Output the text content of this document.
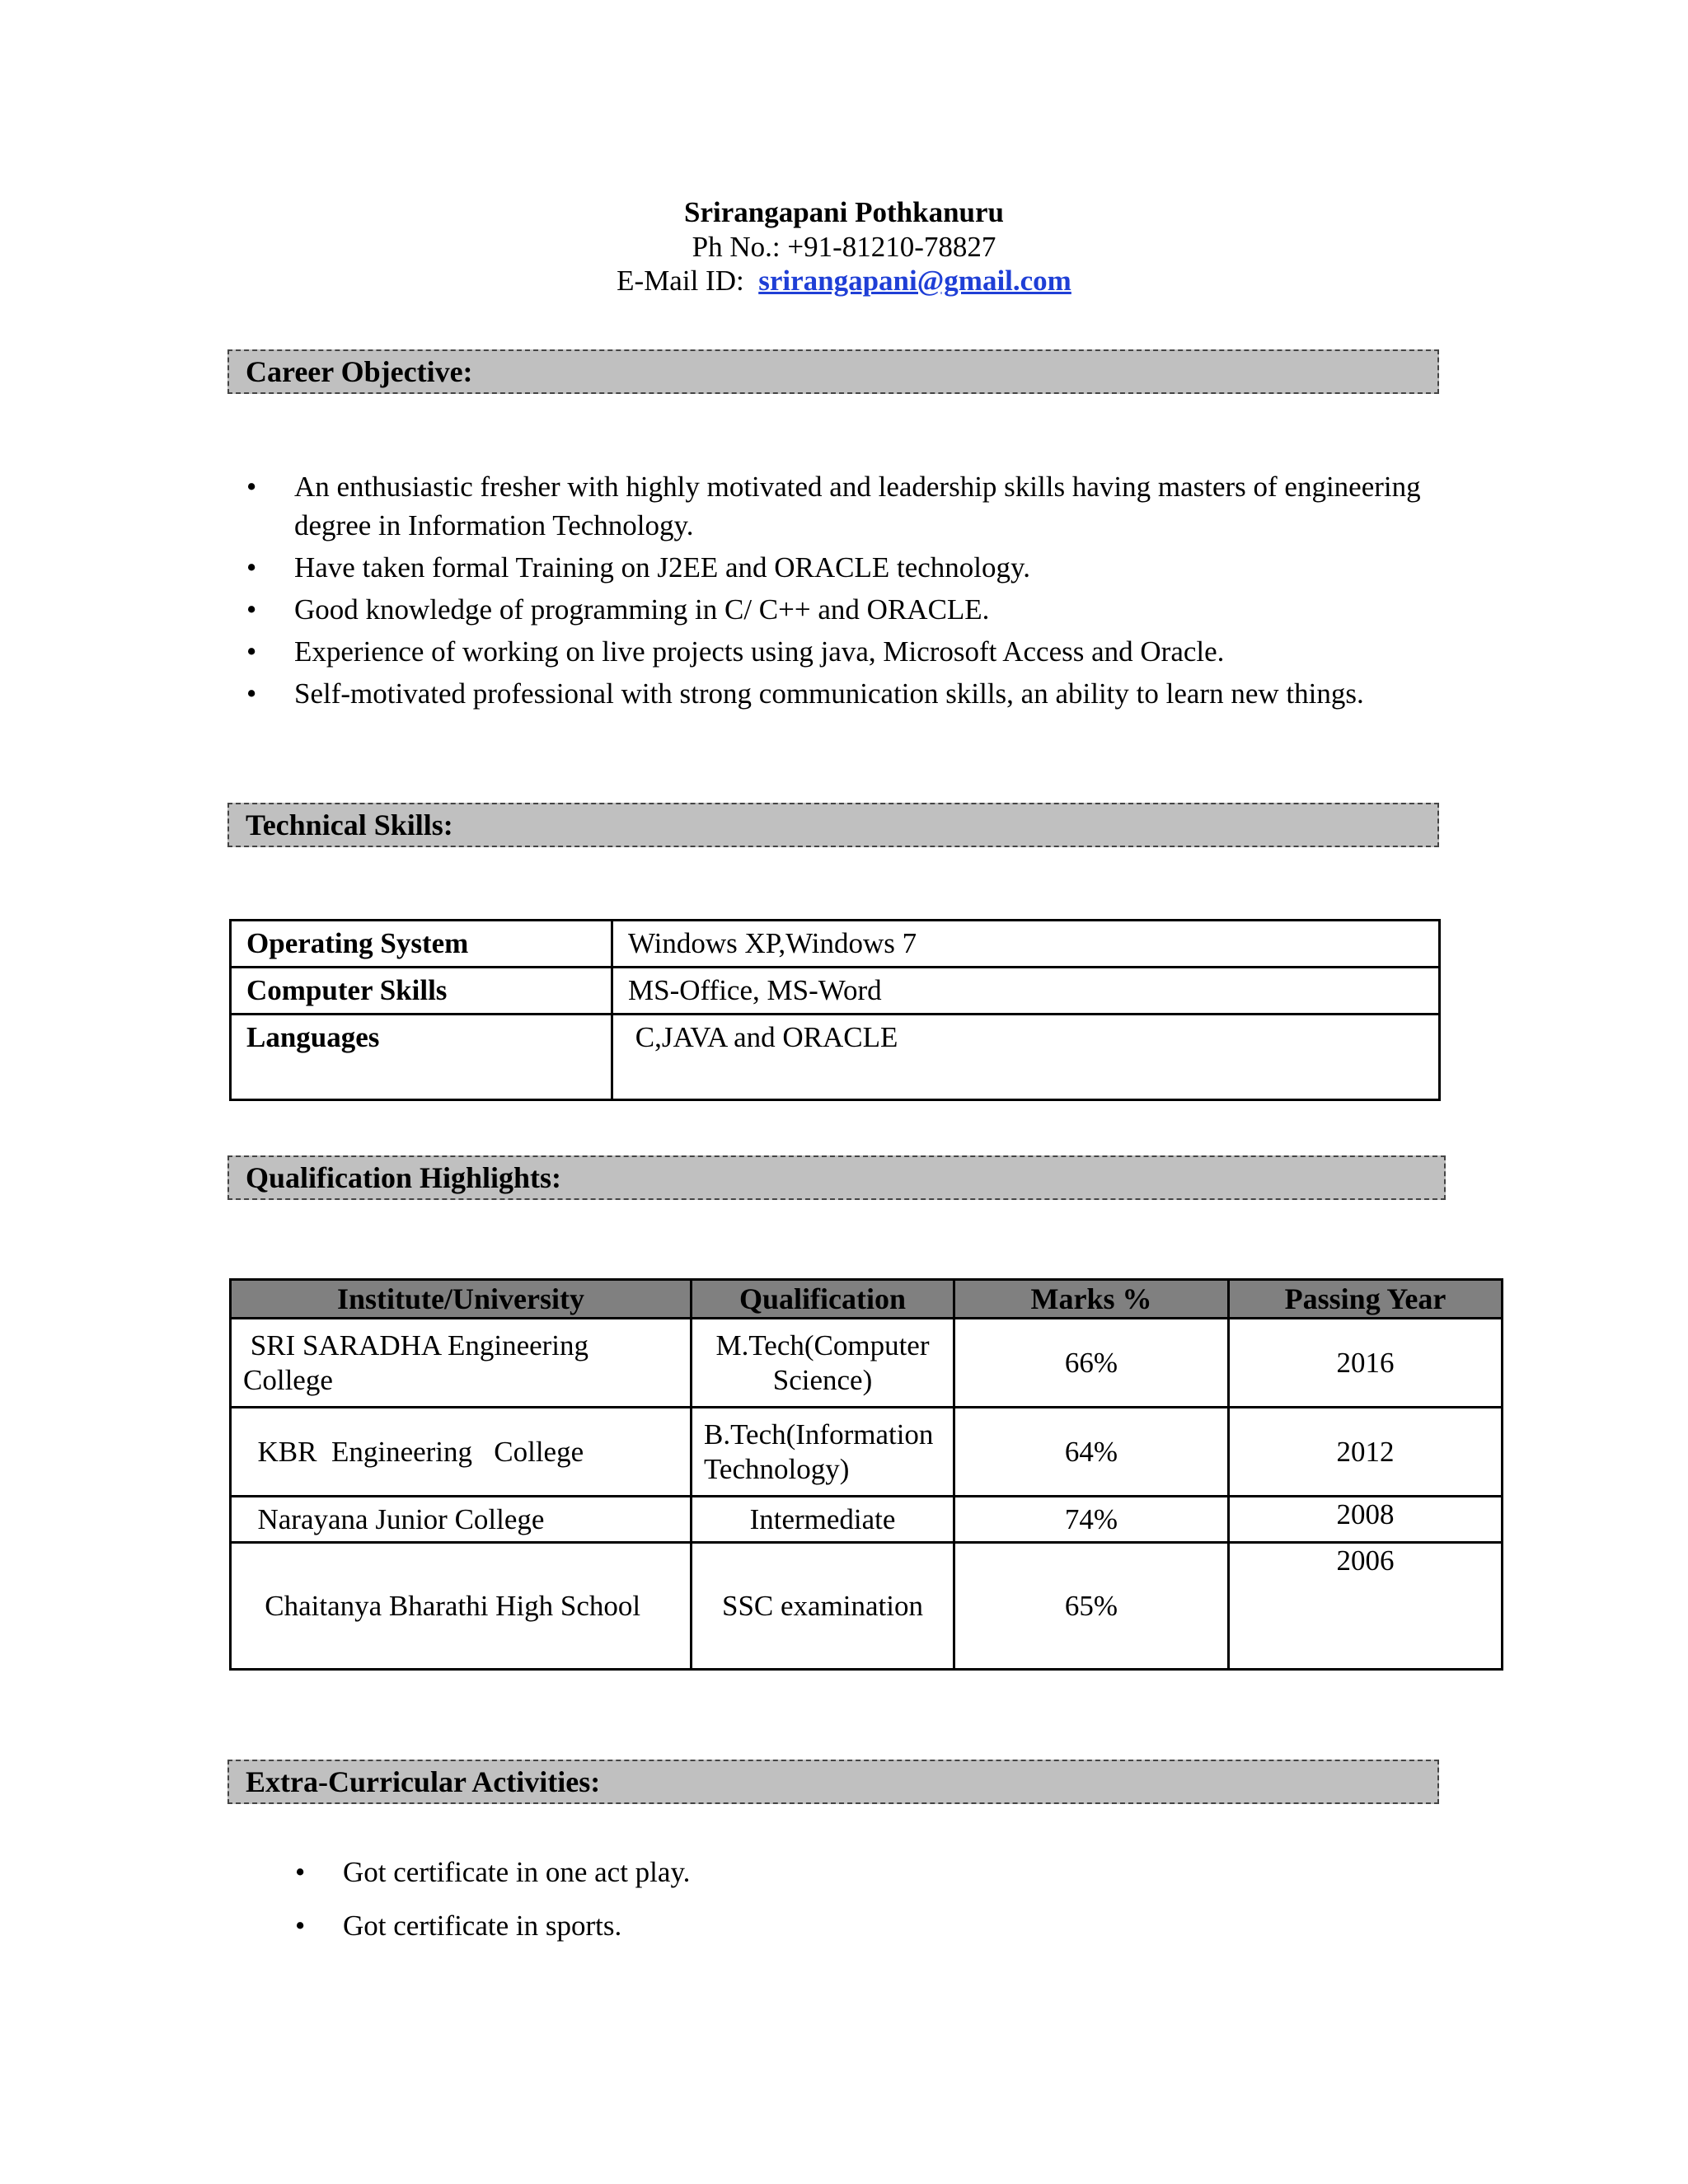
Srirangapani Pothkanuru
Ph No.: +91-81210-78827
E-Mail ID: srirangapani@gmail.com
Career Objective:
• An enthusiastic fresher with highly motivated and leadership skills having masters of engineering degree in Information Technology.
• Have taken formal Training on J2EE and ORACLE technology.
• Good knowledge of programming in C/ C++ and ORACLE.
• Experience of working on live projects using java, Microsoft Access and Oracle.
• Self-motivated professional with strong communication skills, an ability to learn new things.
Technical Skills:
Operating System	Windows XP,Windows 7
Computer Skills	MS-Office, MS-Word
Languages	C,JAVA and ORACLE
Qualification Highlights:
Institute/University	Qualification	Marks %	Passing Year
SRI SARADHA Engineering College	M.Tech(Computer Science)	66%	2016
KBR  Engineering   College	B.Tech(Information Technology)	64%	2012
Narayana Junior College	Intermediate	74%	2008
Chaitanya Bharathi High School	SSC examination	65%	2006
Extra-Curricular Activities:
• Got certificate in one act play.
• Got certificate in sports.
